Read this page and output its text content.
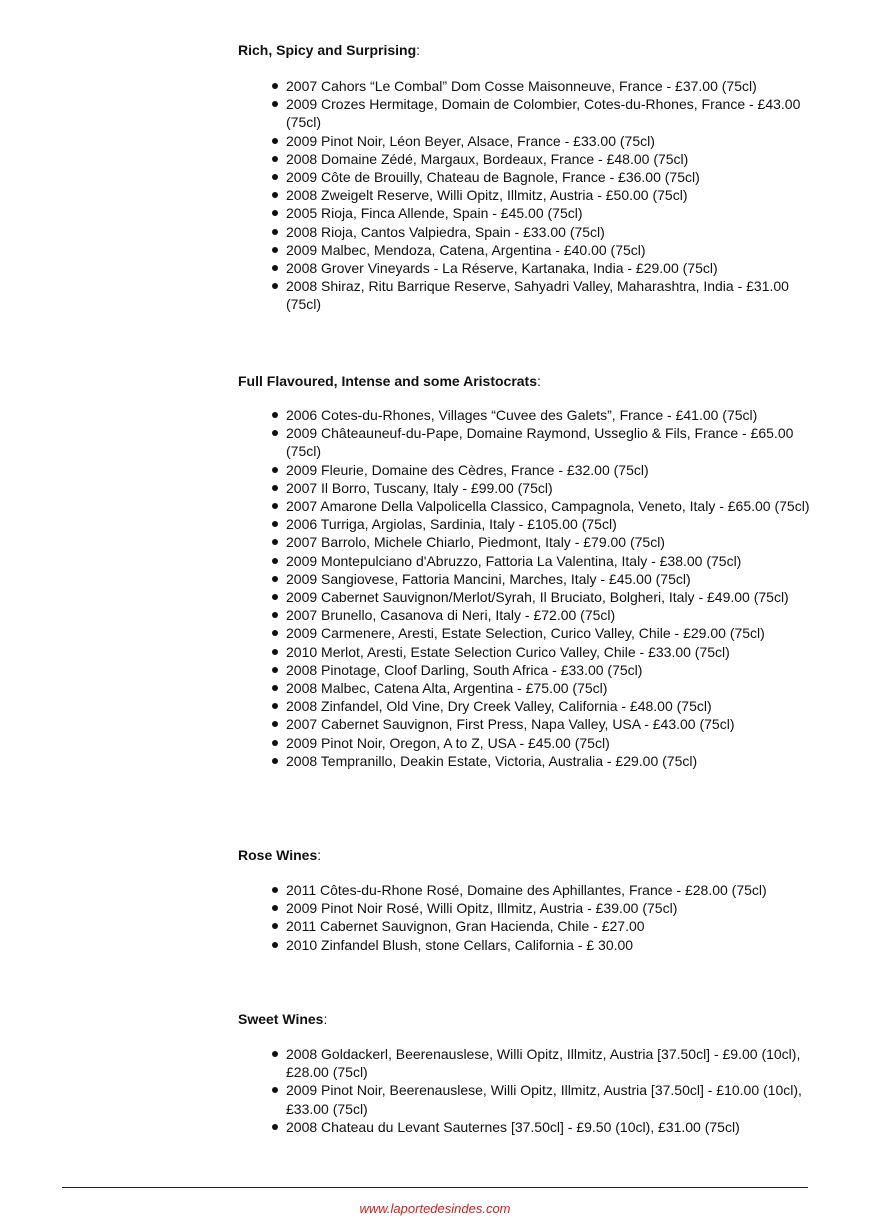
Rich, Spicy and Surprising:

2007 Cahors “Le Combal” Dom Cosse Maisonneuve, France - £37.00 (75cl)
2009 Crozes Hermitage, Domain de Colombier, Cotes-du-Rhones, France - £43.00 (75cl)
2009 Pinot Noir, Léon Beyer, Alsace, France - £33.00 (75cl)
2008 Domaine Zédé, Margaux, Bordeaux, France - £48.00 (75cl)
2009 Côte de Brouilly, Chateau de Bagnole, France - £36.00 (75cl)
2008 Zweigelt Reserve, Willi Opitz, Illmitz, Austria - £50.00 (75cl)
2005 Rioja, Finca Allende, Spain - £45.00 (75cl)
2008 Rioja, Cantos Valpiedra, Spain - £33.00 (75cl)
2009 Malbec, Mendoza, Catena, Argentina - £40.00 (75cl)
2008 Grover Vineyards - La Réserve, Kartanaka, India - £29.00 (75cl)
2008 Shiraz, Ritu Barrique Reserve, Sahyadri Valley, Maharashtra, India - £31.00 (75cl)

Full Flavoured, Intense and some Aristocrats:

2006 Cotes-du-Rhones, Villages “Cuvee des Galets”, France - £41.00 (75cl)
2009 Châteauneuf-du-Pape, Domaine Raymond, Usseglio & Fils, France - £65.00 (75cl)
2009 Fleurie, Domaine des Cèdres, France - £32.00 (75cl)
2007 Il Borro, Tuscany, Italy - £99.00 (75cl)
2007 Amarone Della Valpolicella Classico, Campagnola, Veneto, Italy - £65.00 (75cl)
2006 Turriga, Argiolas, Sardinia, Italy - £105.00 (75cl)
2007 Barrolo, Michele Chiarlo, Piedmont, Italy - £79.00 (75cl)
2009 Montepulciano d'Abruzzo, Fattoria La Valentina, Italy - £38.00 (75cl)
2009 Sangiovese, Fattoria Mancini, Marches, Italy - £45.00 (75cl)
2009 Cabernet Sauvignon/Merlot/Syrah, Il Bruciato, Bolgheri, Italy - £49.00 (75cl)
2007 Brunello, Casanova di Neri, Italy - £72.00 (75cl)
2009 Carmenere, Aresti, Estate Selection, Curico Valley, Chile - £29.00 (75cl)
2010 Merlot, Aresti, Estate Selection Curico Valley, Chile - £33.00 (75cl)
2008 Pinotage, Cloof Darling, South Africa - £33.00 (75cl)
2008 Malbec, Catena Alta, Argentina - £75.00 (75cl)
2008 Zinfandel, Old Vine, Dry Creek Valley, California - £48.00 (75cl)
2007 Cabernet Sauvignon, First Press, Napa Valley, USA - £43.00 (75cl)
2009 Pinot Noir, Oregon, A to Z, USA - £45.00 (75cl)
2008 Tempranillo, Deakin Estate, Victoria, Australia - £29.00 (75cl)

Rose Wines:

2011 Côtes-du-Rhone Rosé, Domaine des Aphillantes, France - £28.00 (75cl)
2009 Pinot Noir Rosé, Willi Opitz, Illmitz, Austria - £39.00 (75cl)
2011 Cabernet Sauvignon, Gran Hacienda, Chile - £27.00
2010 Zinfandel Blush, stone Cellars, California - £ 30.00

Sweet Wines:

2008 Goldackerl, Beerenauslese, Willi Opitz, Illmitz, Austria [37.50cl] - £9.00 (10cl), £28.00 (75cl)
2009 Pinot Noir, Beerenauslese, Willi Opitz, Illmitz, Austria [37.50cl] - £10.00 (10cl), £33.00 (75cl)
2008 Chateau du Levant Sauternes [37.50cl] - £9.50 (10cl), £31.00 (75cl)
www.laportedesindes.com
